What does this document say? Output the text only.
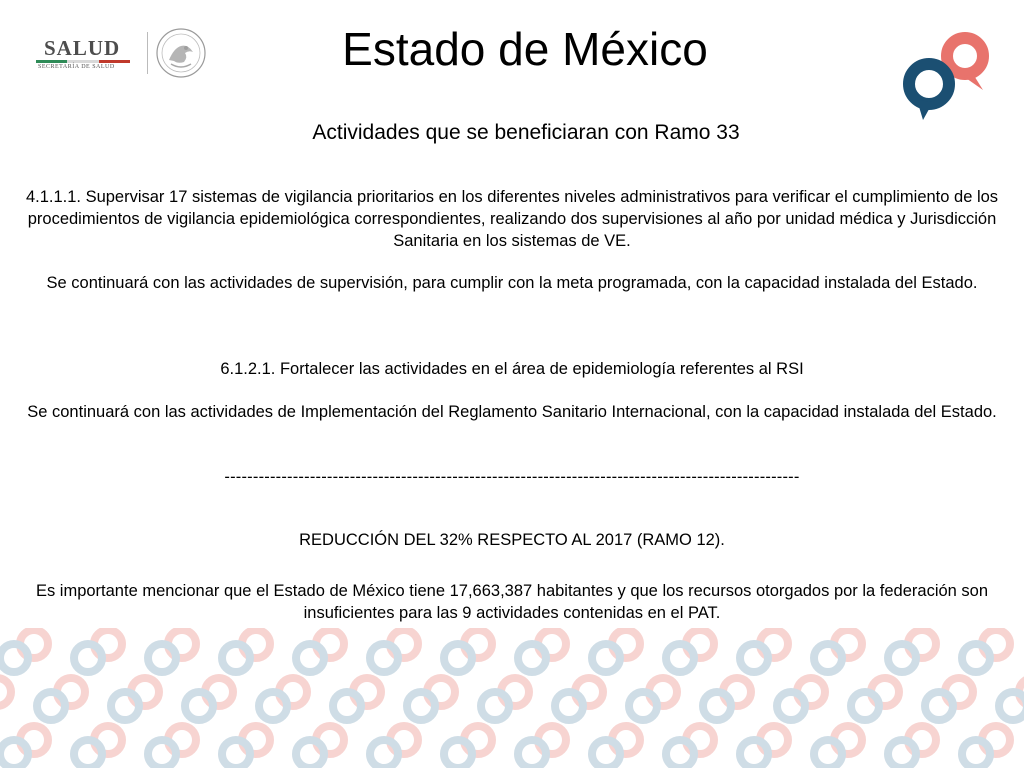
SALUD
SECRETARÍA DE SALUD	Estado de México
Actividades que se beneficiaran con Ramo 33
4.1.1.1. Supervisar 17 sistemas de vigilancia prioritarios en los diferentes niveles administrativos para verificar el cumplimiento de los procedimientos de vigilancia epidemiológica correspondientes, realizando dos supervisiones al año por unidad médica y Jurisdicción Sanitaria en los sistemas de VE.
Se continuará con las actividades de supervisión, para cumplir con la meta programada, con la capacidad instalada del Estado.
6.1.2.1. Fortalecer las actividades en el área de epidemiología referentes al RSI
Se continuará con las actividades de Implementación del Reglamento Sanitario Internacional, con la capacidad instalada del Estado.
-----------------------------------------------------------------------------------------------------
REDUCCIÓN DEL 32% RESPECTO AL 2017 (RAMO 12).
Es importante mencionar que el Estado de México tiene 17,663,387 habitantes y que los recursos otorgados por la federación son insuficientes para las 9 actividades contenidas en el PAT.
